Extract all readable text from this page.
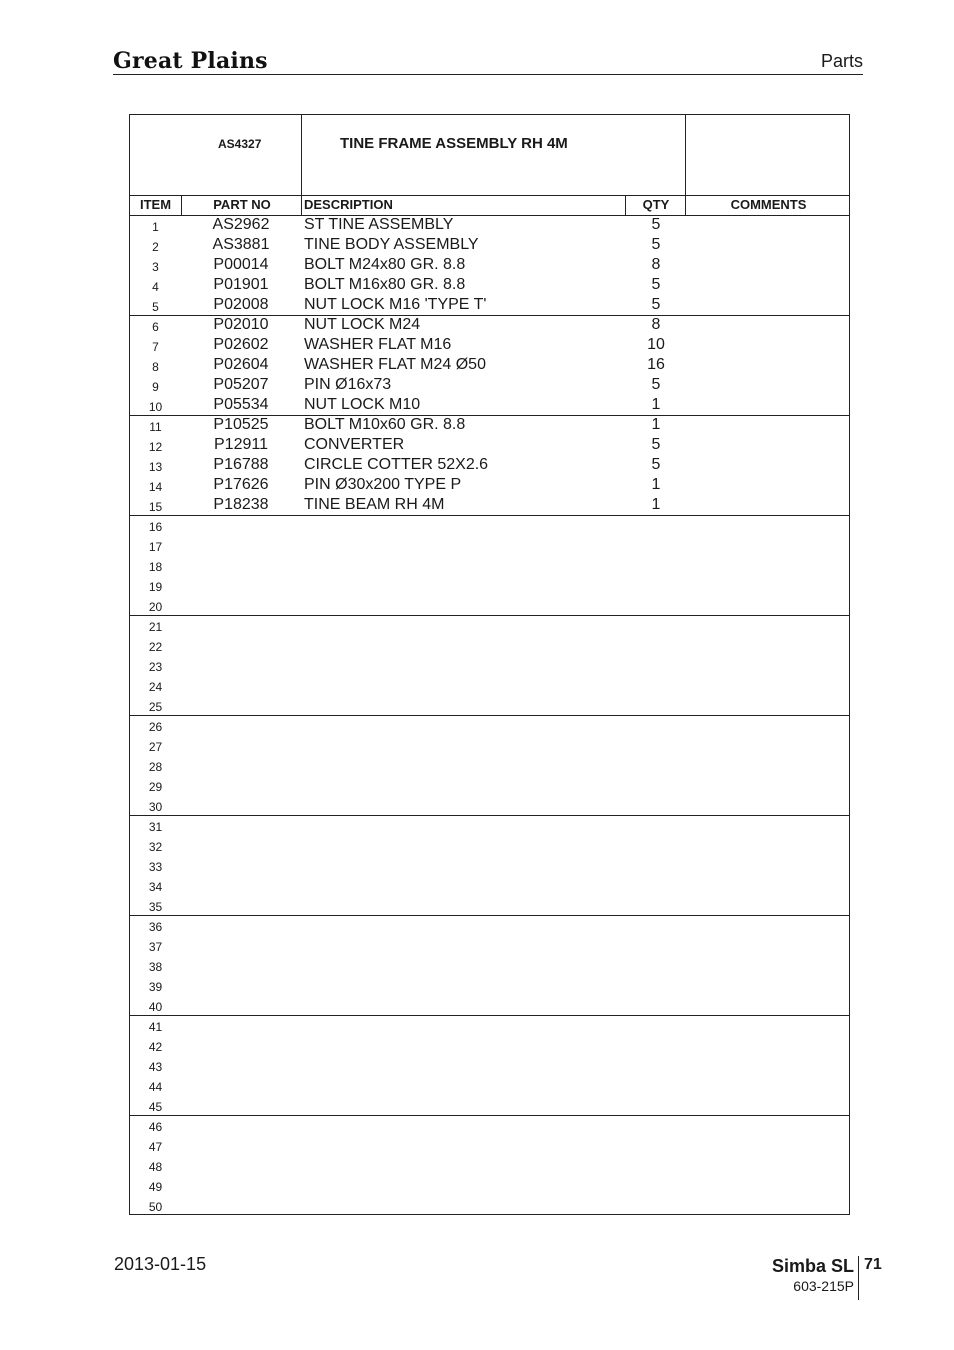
Great Plains	Parts
AS4327	TINE FRAME ASSEMBLY RH 4M
ITEM	PART NO	DESCRIPTION	QTY	COMMENTS
1	AS2962	ST TINE ASSEMBLY	5
2	AS3881	TINE BODY ASSEMBLY	5
3	P00014	BOLT M24x80 GR. 8.8	8
4	P01901	BOLT M16x80 GR. 8.8	5
5	P02008	NUT LOCK M16 'TYPE T'	5
6	P02010	NUT LOCK M24	8
7	P02602	WASHER FLAT M16	10
8	P02604	WASHER FLAT M24 Ø50	16
9	P05207	PIN Ø16x73	5
10	P05534	NUT LOCK M10	1
11	P10525	BOLT M10x60 GR. 8.8	1
12	P12911	CONVERTER	5
13	P16788	CIRCLE COTTER 52X2.6	5
14	P17626	PIN Ø30x200 TYPE P	1
15	P18238	TINE BEAM RH 4M	1
16
17
18
19
20
21
22
23
24
25
26
27
28
29
30
31
32
33
34
35
36
37
38
39
40
41
42
43
44
45
46
47
48
49
50
2013-01-15	Simba SL 71
603-215P
